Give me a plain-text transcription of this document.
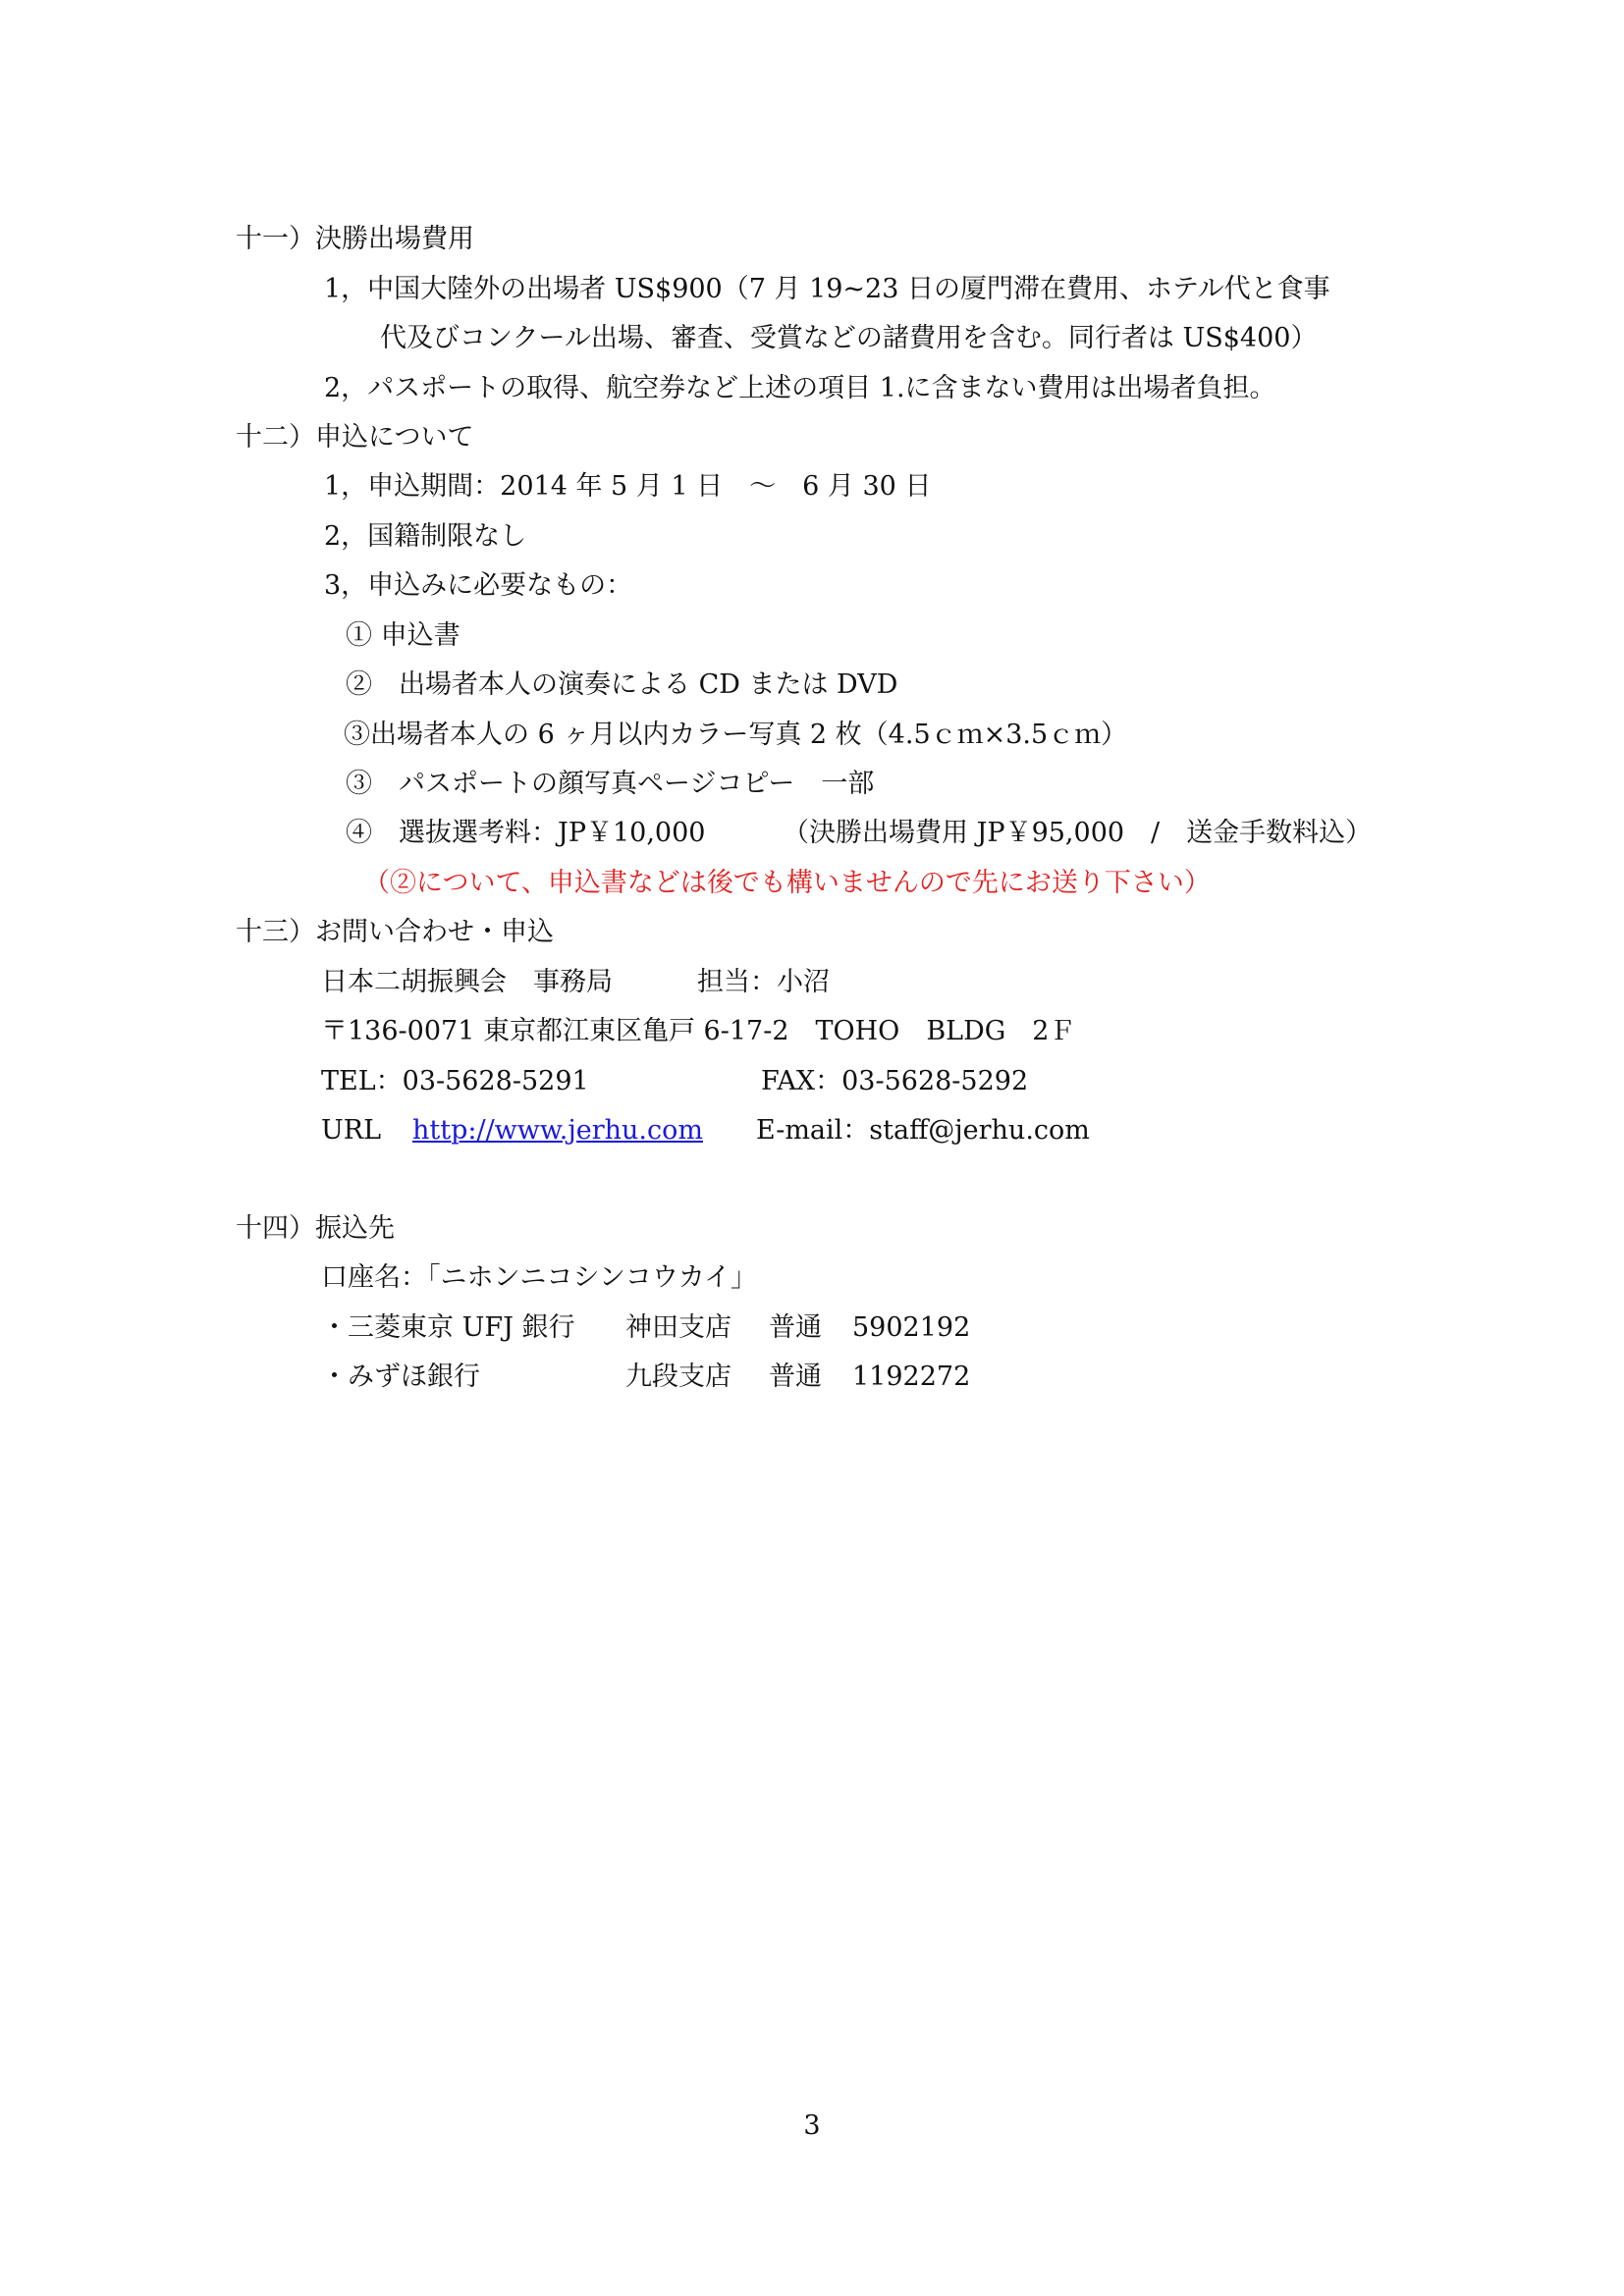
十一）決勝出場費用
1，中国大陸外の出場者 US$900（7 月 19~23 日の厦門滞在費用、ホテル代と食事
代及びコンクール出場、審査、受賞などの諸費用を含む。同行者は US$400）
2，パスポートの取得、航空券など上述の項目 1.に含まない費用は出場者負担。
十二）申込について
1，申込期間：2014 年 5 月 1 日　～　6 月 30 日
2，国籍制限なし
3，申込みに必要なもの：
① 申込書
②　出場者本人の演奏による CD または DVD
③出場者本人の 6 ヶ月以内カラー写真 2 枚（4.5ｃｍ×3.5ｃｍ）
③　パスポートの顔写真ページコピー　一部
④　選抜選考料：JP￥10,000	（決勝出場費用 JP￥95,000　/　送金手数料込）
（②について、申込書などは後でも構いませんので先にお送り下さい）
十三）お問い合わせ・申込
日本二胡振興会　事務局	担当：小沼
〒136-0071 東京都江東区亀戸 6-17-2　TOHO　BLDG　2Ｆ
TEL：03-5628-5291	FAX：03-5628-5292
URL http://www.jerhu.com E-mail：staff@jerhu.com
十四）振込先
口座名：「ニホンニコシンコウカイ」
・三菱東京 UFJ 銀行 神田支店 普通 5902192
・みずほ銀行	九段支店 普通 1192272
3
